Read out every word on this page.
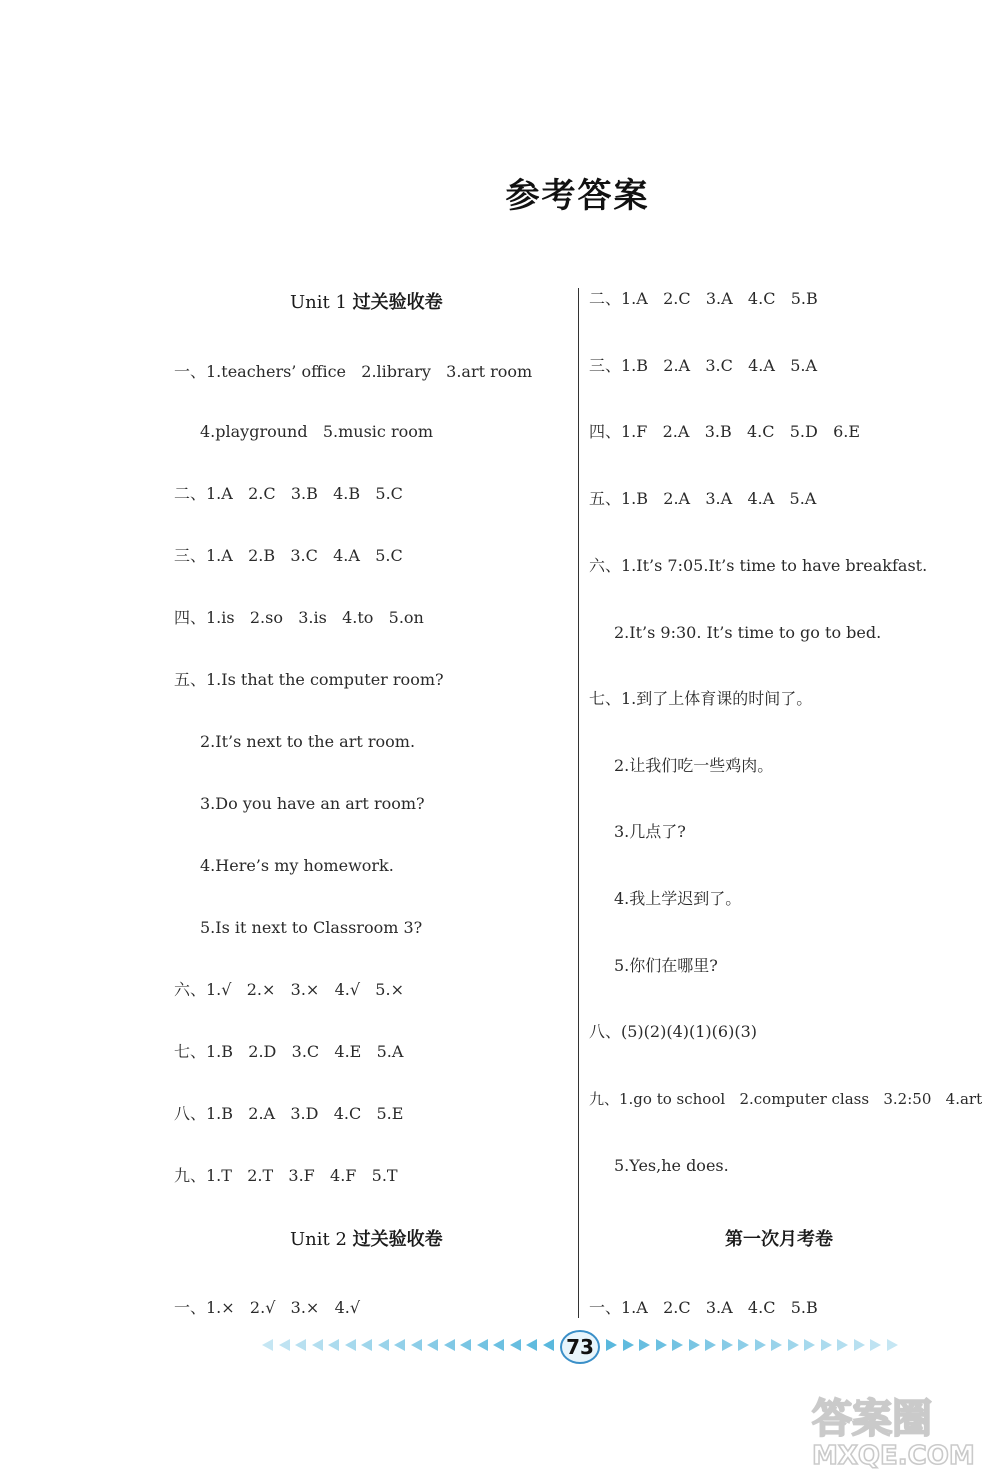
参考答案
Unit 1 过关验收卷
一、1.teachers’ office   2.library   3.art room
4.playground   5.music room
二、1.A   2.C   3.B   4.B   5.C
三、1.A   2.B   3.C   4.A   5.C
四、1.is   2.so   3.is   4.to   5.on
五、1.Is that the computer room?
2.It’s next to the art room.
3.Do you have an art room?
4.Here’s my homework.
5.Is it next to Classroom 3?
六、1.√   2.×   3.×   4.√   5.×
七、1.B   2.D   3.C   4.E   5.A
八、1.B   2.A   3.D   4.C   5.E
九、1.T   2.T   3.F   4.F   5.T
Unit 2 过关验收卷
一、1.×   2.√   3.×   4.√
二、1.A   2.C   3.A   4.C   5.B
三、1.B   2.A   3.C   4.A   5.A
四、1.F   2.A   3.B   4.C   5.D   6.E
五、1.B   2.A   3.A   4.A   5.A
六、1.It’s 7:05.It’s time to have breakfast.
2.It’s 9:30. It’s time to go to bed.
七、1.到了上体育课的时间了。
2.让我们吃一些鸡肉。
3.几点了?
4.我上学迟到了。
5.你们在哪里?
八、(5)(2)(4)(1)(6)(3)
九、1.go to school   2.computer class   3.2:50   4.art
5.Yes,he does.
第一次月考卷
一、1.A   2.C   3.A   4.C   5.B
73
答案圈
MXQE.COM
